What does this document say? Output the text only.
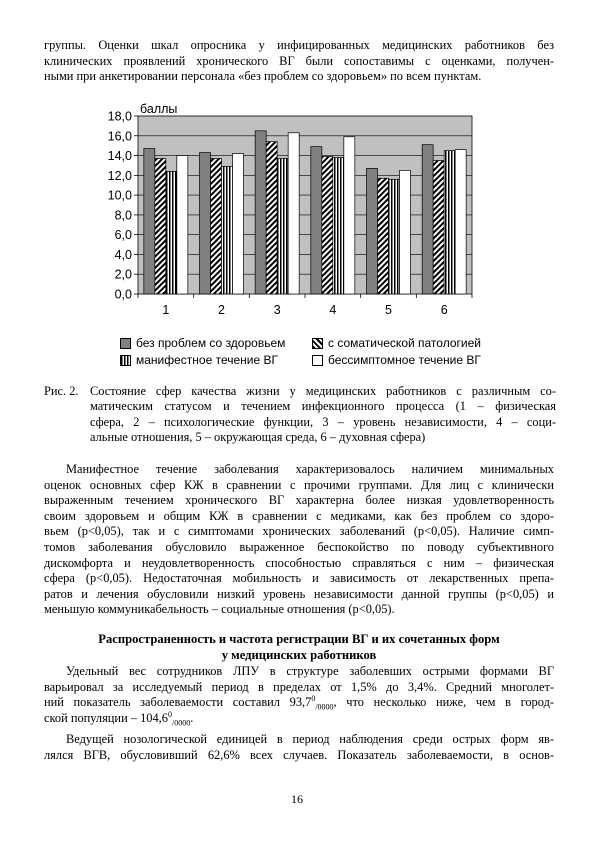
группы. Оценки шкал опросника у инфицированных медицинских работников без
клинических проявлений хронического ВГ были сопоставимы с оценками, получен-
ными при анкетировании персонала «без проблем со здоровьем» по всем пунктам.
0,0
2,0
4,0
6,0
8,0
10,0
12,0
14,0
16,0
18,0
1	2	3	4	5	6
баллы
без проблем со здоровьем	с соматической патологией
манифестное течение ВГ	бессимптомное течение ВГ
Рис. 2. Состояние сфер качества жизни у медицинских работников с различным со-
матическим статусом и течением инфекционного процесса (1 – физическая
сфера, 2 – психологические функции, 3 – уровень независимости, 4 – соци-
альные отношения, 5 – окружающая среда, 6 – духовная сфера)
Манифестное течение заболевания характеризовалось наличием минимальных
оценок основных сфер КЖ в сравнении с прочими группами. Для лиц с клинически
выраженным течением хронического ВГ характерна более низкая удовлетворенность
своим здоровьем и общим КЖ в сравнении с медиками, как без проблем со здоро-
вьем (р<0,05), так и с симптомами хронических заболеваний (р<0,05). Наличие симп-
томов заболевания обусловило выраженное беспокойство по поводу субъективного
дискомфорта и неудовлетворенность способностью справляться с ним – физическая
сфера (р<0,05). Недостаточная мобильность и зависимость от лекарственных препа-
ратов и лечения обусловили низкий уровень независимости данной группы (р<0,05) и
меньшую коммуникабельность – социальные отношения (р<0,05).
Распространенность и частота регистрации ВГ и их сочетанных форм
у медицинских работников
Удельный вес сотрудников ЛПУ в структуре заболевших острыми формами ВГ
варьировал за исследуемый период в пределах от 1,5% до 3,4%. Средний многолет-
ний показатель заболеваемости составил $93,7^0_{/0000}$, что несколько ниже, чем в город-
ской популяции – $104,6^0_{/0000}$.
Ведущей нозологической единицей в период наблюдения среди острых форм яв-
лялся ВГВ, обусловивший 62,6% всех случаев. Показатель заболеваемости, в основ-
16
